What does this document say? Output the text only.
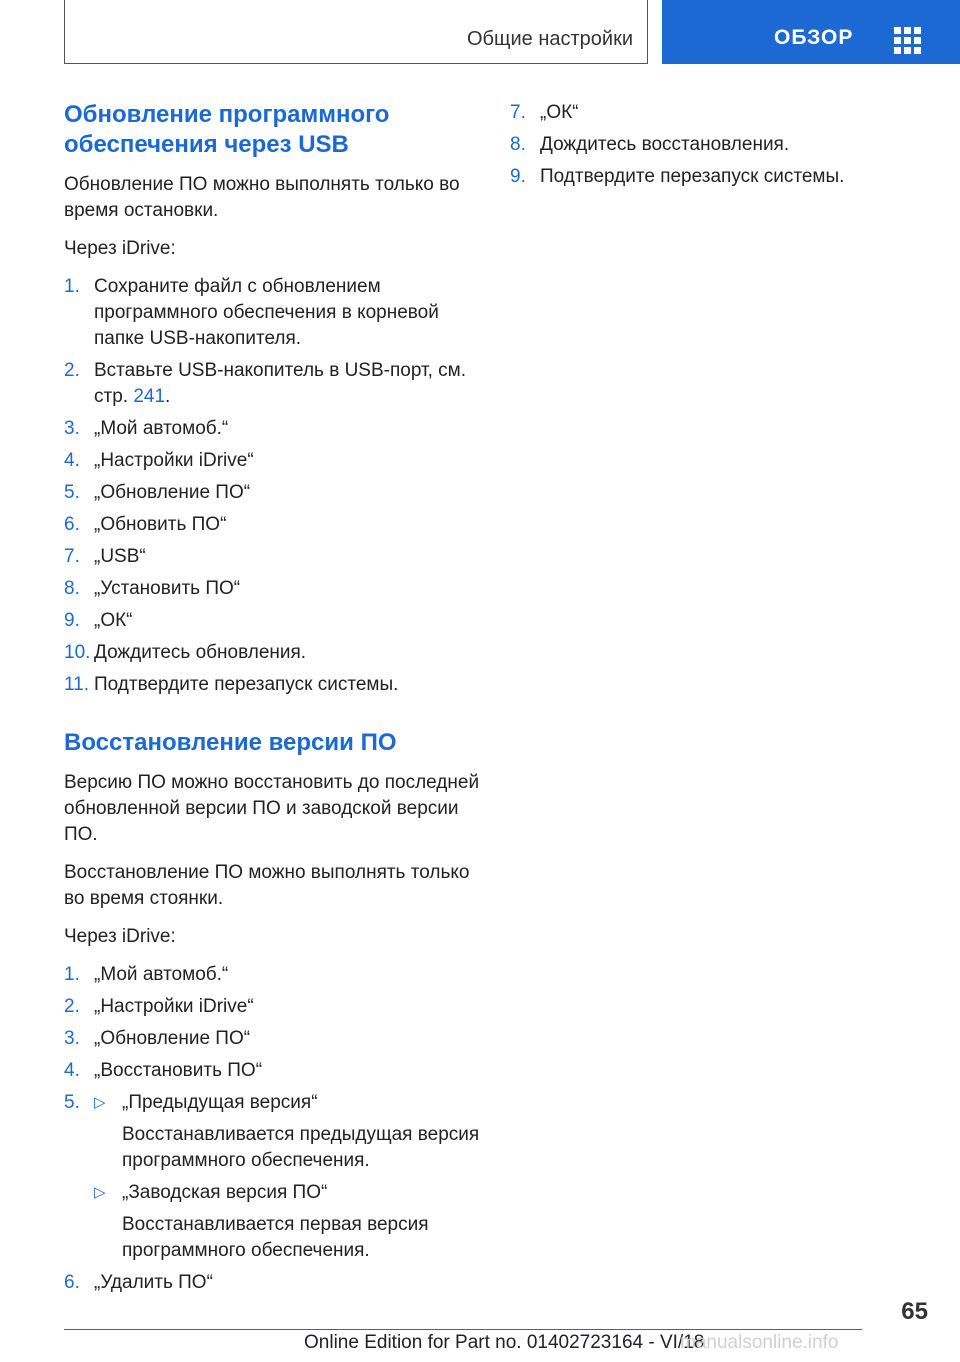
Общие настройки	ОБЗОР
Обновление программного
обеспечения через USB

Обновление ПО можно выполнять только во время остановки.

Через iDrive:

1. Сохраните файл с обновлением программного обеспечения в корневой папке USB-накопителя.
2. Вставьте USB-накопитель в USB-порт, см. стр. 241.
3. „Мой автомоб.“
4. „Настройки iDrive“
5. „Обновление ПО“
6. „Обновить ПО“
7. „USB“
8. „Установить ПО“
9. „ОК“
10. Дождитесь обновления.
11. Подтвердите перезапуск системы.
Восстановление версии ПО

Версию ПО можно восстановить до последней обновленной версии ПО и заводской версии ПО.

Восстановление ПО можно выполнять только во время стоянки.

Через iDrive:

1. „Мой автомоб.“
2. „Настройки iDrive“
3. „Обновление ПО“
4. „Восстановить ПО“
5. ▷ „Предыдущая версия“
Восстанавливается предыдущая версия программного обеспечения.
▷ „Заводская версия ПО“
Восстанавливается первая версия программного обеспечения.
6. „Удалить ПО“
7. „ОК“
8. Дождитесь восстановления.
9. Подтвердите перезапуск системы.
65
Online Edition for Part no. 01402723164 - VI/18
manualsonline.info
